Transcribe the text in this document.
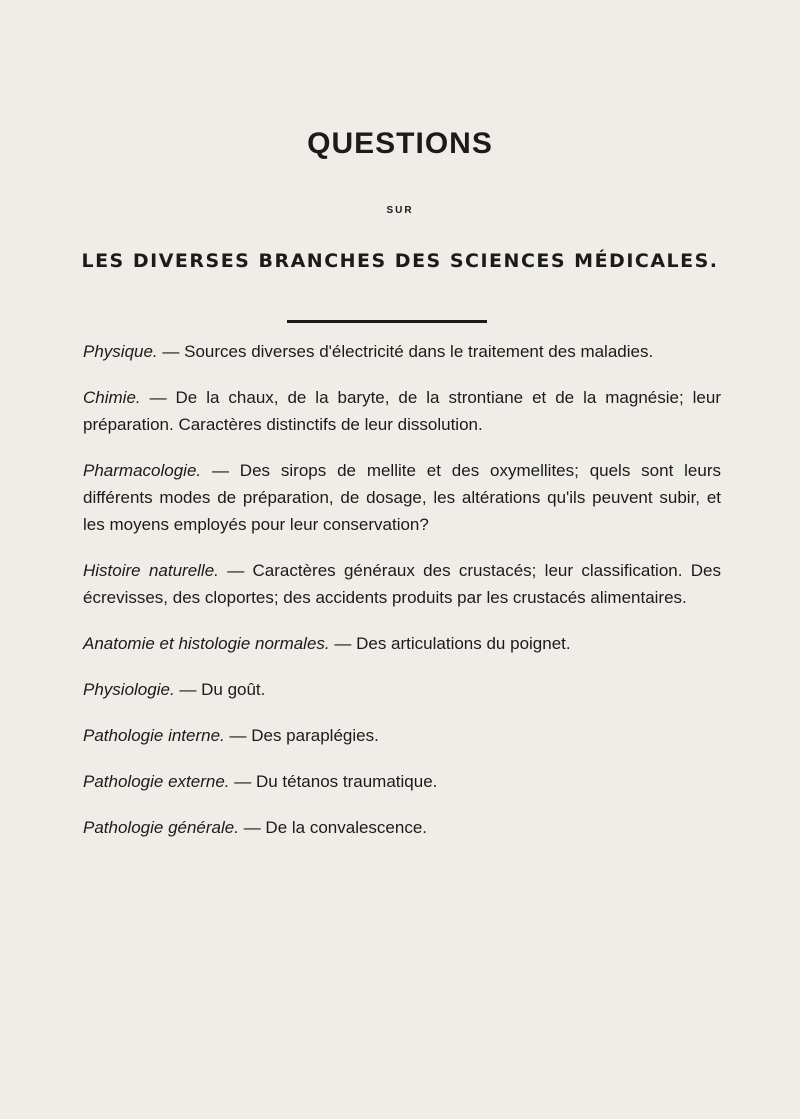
QUESTIONS
SUR
LES DIVERSES BRANCHES DES SCIENCES MÉDICALES.

Physique. — Sources diverses d'électricité dans le traitement des maladies.

Chimie. — De la chaux, de la baryte, de la strontiane et de la magnésie; leur préparation. Caractères distinctifs de leur dissolution.

Pharmacologie. — Des sirops de mellite et des oxymellites; quels sont leurs différents modes de préparation, de dosage, les altérations qu'ils peuvent subir, et les moyens employés pour leur conservation?

Histoire naturelle. — Caractères généraux des crustacés; leur classification. Des écrevisses, des cloportes; des accidents produits par les crustacés alimentaires.

Anatomie et histologie normales. — Des articulations du poignet.

Physiologie. — Du goût.

Pathologie interne. — Des paraplégies.

Pathologie externe. — Du tétanos traumatique.

Pathologie générale. — De la convalescence.
